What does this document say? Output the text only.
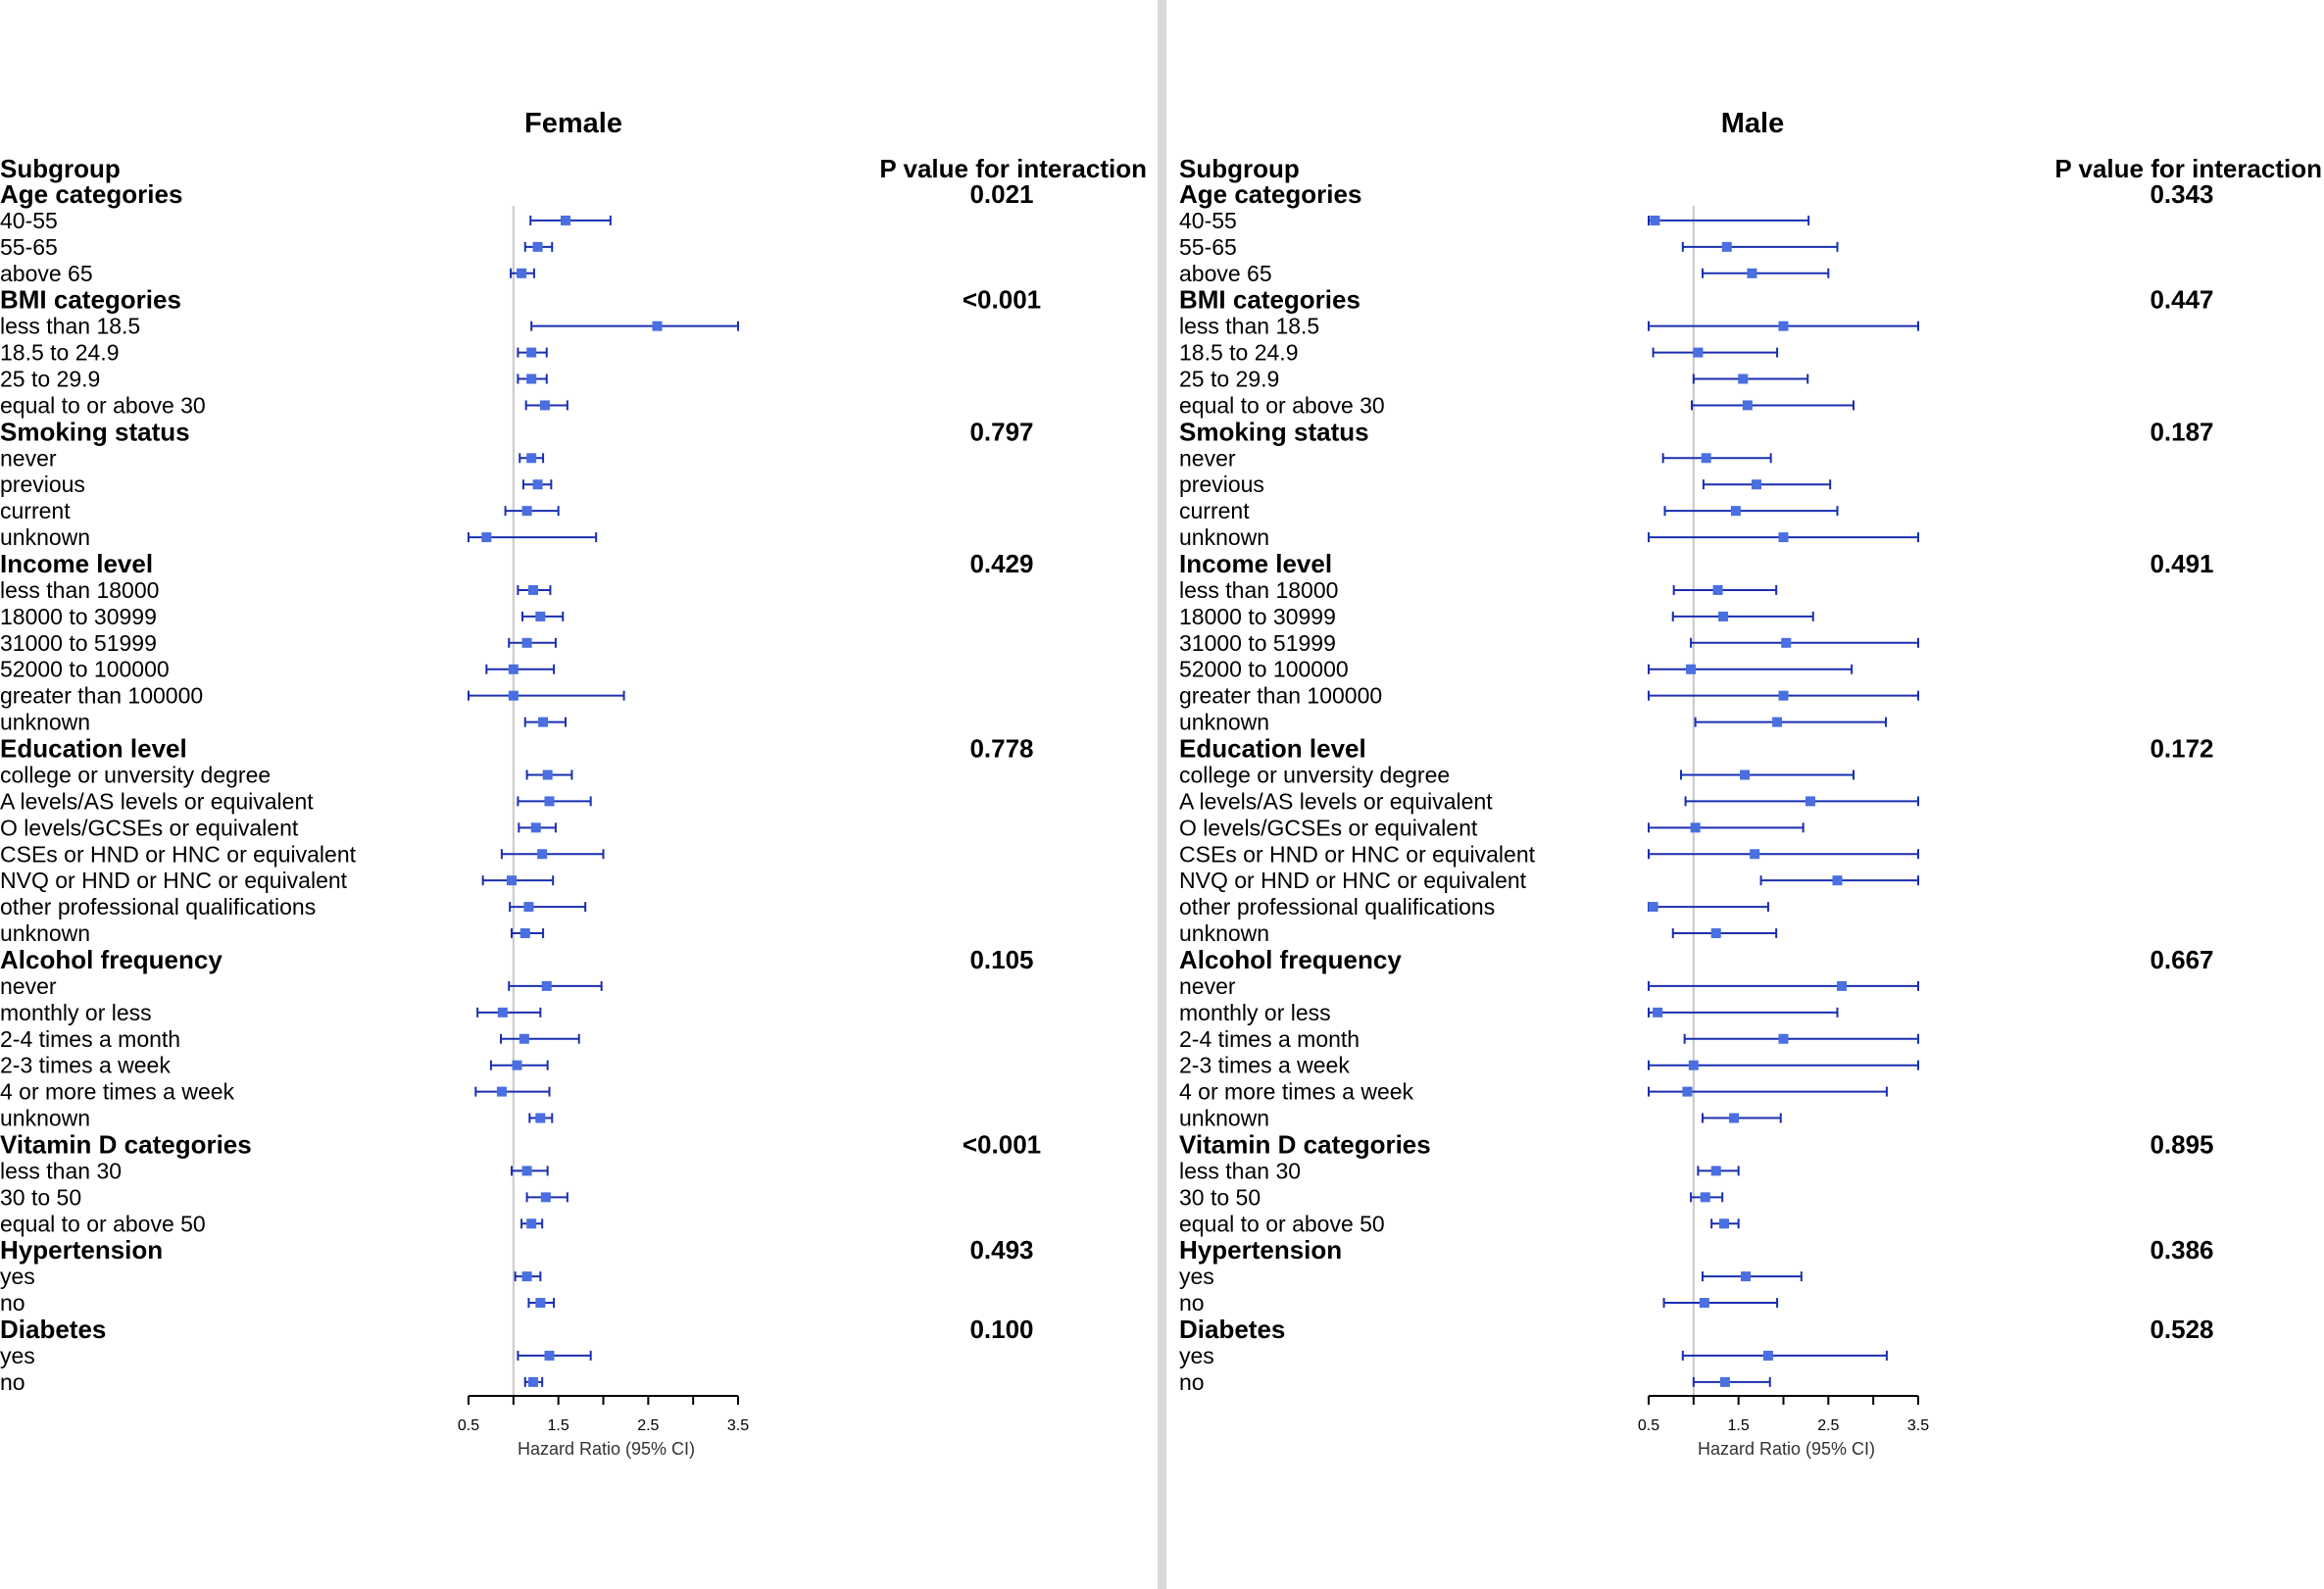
Female
Subgroup	P value for interaction
Age categories	0.021
40-55
55-65
above 65
BMI categories	<0.001
less than 18.5
18.5 to 24.9
25 to 29.9
equal to or above 30
Smoking status	0.797
never
previous
current
unknown
Income level	0.429
less than 18000
18000 to 30999
31000 to 51999
52000 to 100000
greater than 100000
unknown
Education level	0.778
college or unversity degree
A levels/AS levels or equivalent
O levels/GCSEs or equivalent
CSEs or HND or HNC or equivalent
NVQ or HND or HNC or equivalent
other professional qualifications
unknown
Alcohol frequency	0.105
never
monthly or less
2-4 times a month
2-3 times a week
4 or more times a week
unknown
Vitamin D categories	<0.001
less than 30
30 to 50
equal to or above 50
Hypertension	0.493
yes
no
Diabetes	0.100
yes
no
0.5	1.5	2.5	3.5
Hazard Ratio (95% CI)
Male
Subgroup	P value for interaction
Age categories	0.343
40-55
55-65
above 65
BMI categories	0.447
less than 18.5
18.5 to 24.9
25 to 29.9
equal to or above 30
Smoking status	0.187
never
previous
current
unknown
Income level	0.491
less than 18000
18000 to 30999
31000 to 51999
52000 to 100000
greater than 100000
unknown
Education level	0.172
college or unversity degree
A levels/AS levels or equivalent
O levels/GCSEs or equivalent
CSEs or HND or HNC or equivalent
NVQ or HND or HNC or equivalent
other professional qualifications
unknown
Alcohol frequency	0.667
never
monthly or less
2-4 times a month
2-3 times a week
4 or more times a week
unknown
Vitamin D categories	0.895
less than 30
30 to 50
equal to or above 50
Hypertension	0.386
yes
no
Diabetes	0.528
yes
no
0.5	1.5	2.5	3.5
Hazard Ratio (95% CI)
